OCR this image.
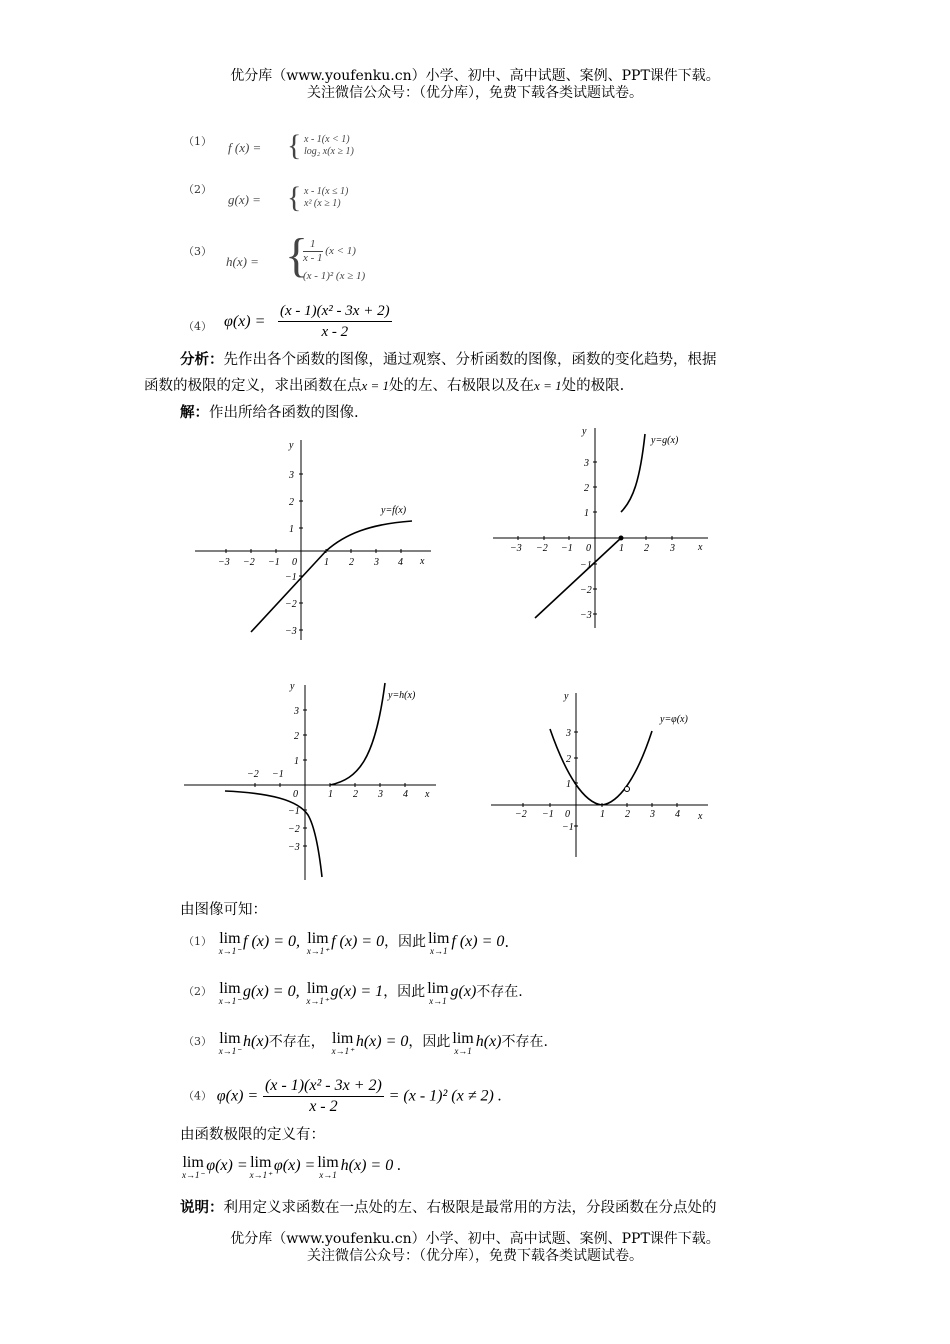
优分库（www.youfenku.cn）小学、初中、高中试题、案例、PPT课件下载。
关注微信公众号：（优分库），免费下载各类试题试卷。
（1） f (x) = { x - 1(x < 1)
log₂ x(x ≥ 1)
（2）
g(x) = { x - 1(x ≤ 1)
x² (x ≥ 1)
（3）
h(x) = {
$\frac{1}{x - 1} (x < 1)$
(x - 1)² (x ≥ 1)
（4） $\varphi(x) = \frac{\text{(x - 1)(x² - 3x + 2)}}{x - 2}$
分析：先作出各个函数的图像，通过观察、分析函数的图像，函数的变化趋势，根据
函数的极限的定义，求出函数在点x = 1处的左、右极限以及在x = 1处的极限.
解：作出所给各函数的图像.
−3 −2 −1 0	1 2 3 4
3
2
1
−1
−2
−3
x
y
y=f(x)
−3 −2 −1 0	1 2 3
3
2
1
−1
−2
−3
x
y
y=g(x)
−2 −1
0	1 2 3 4
3
2
1
−1
−2
−3
x
y
y=h(x)
−2 −1 0	1 2 3 4
3
2
1
−1
x
y
y=φ(x)
由图像可知：
$^{(1)}$ lim
x→1⁻
f (x) = 0, lim
x→1⁺
f (x) = 0，因此 lim
x→1
f (x) = 0.
$^{(2)}$ lim
x→1⁻
g(x) = 0, lim
x→1⁺
g(x) = 1，因此 lim
x→1
g(x)不存在.
$^{(3)}$ lim
x→1⁻
h(x)不存在， lim
x→1⁺
h(x) = 0，因此 lim
x→1
h(x)不存在.
（4） $\varphi(x) = \frac{\text{(x - 1)(x² - 3x + 2)}}{x - 2} = (x - 1)^2$ (x ≠ 2) .
由函数极限的定义有：
lim
x→1⁻
φ(x) = lim
x→1⁺
φ(x) = lim
x→1
h(x) = 0 .
说明：利用定义求函数在一点处的左、右极限是最常用的方法，分段函数在分点处的
优分库（www.youfenku.cn）小学、初中、高中试题、案例、PPT课件下载。
关注微信公众号：（优分库），免费下载各类试题试卷。
